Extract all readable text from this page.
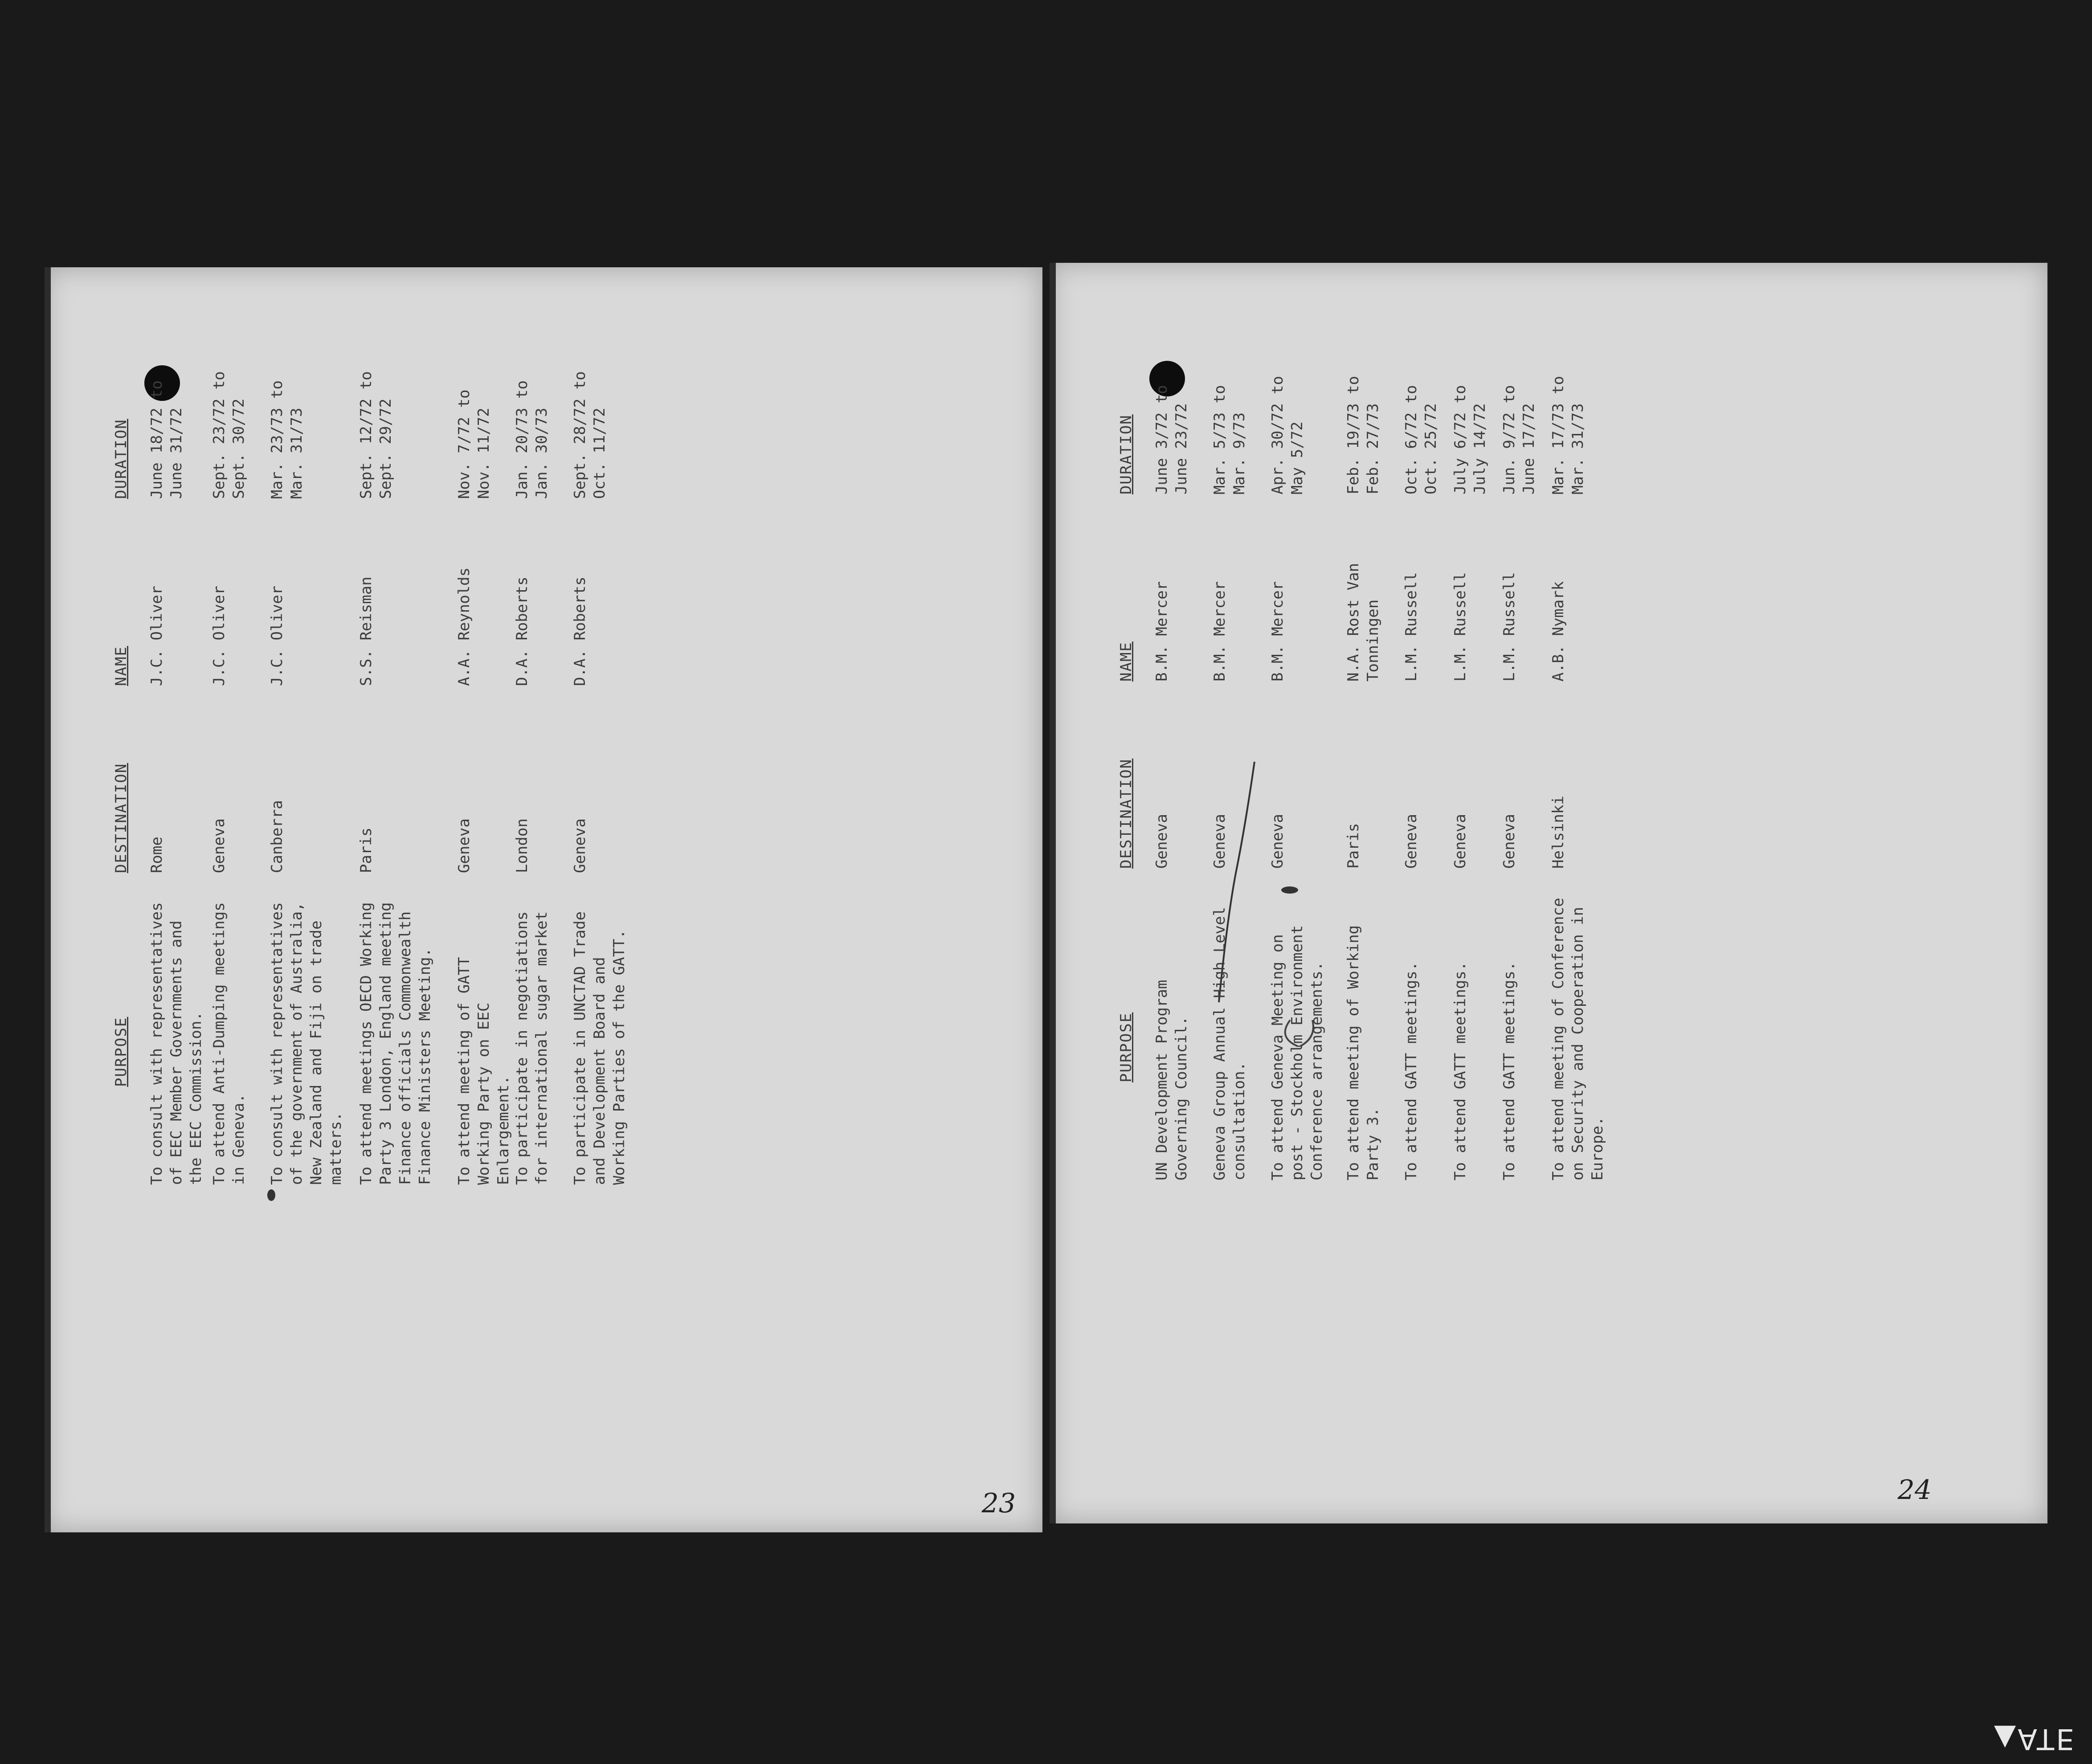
PURPOSE
DESTINATION
NAME
DURATION
To consult with representatives of EEC Member Governments and the EEC Commission.
Rome
J.C. Oliver
June 18/72 to
June 31/72
To attend Anti-Dumping meetings in Geneva.
Geneva
J.C. Oliver
Sept. 23/72 to
Sept. 30/72
To consult with representatives of the government of Australia, New Zealand and Fiji on trade matters.
Canberra
J.C. Oliver
Mar. 23/73 to
Mar. 31/73
To attend meetings OECD Working Party 3 London, England meeting Finance officials Commonwealth Finance Ministers Meeting.
Paris
S.S. Reisman
Sept. 12/72 to
Sept. 29/72
To attend meeting of GATT Working Party on EEC Enlargement.
Geneva
A.A. Reynolds
Nov. 7/72 to
Nov. 11/72
To participate in negotiations for international sugar market
London
D.A. Roberts
Jan. 20/73 to
Jan. 30/73
To participate in UNCTAD Trade and Development Board and Working Parties of the GATT.
Geneva
D.A. Roberts
Sept. 28/72 to
Oct. 11/72
23
PURPOSE
DESTINATION
NAME
DURATION
UN Development Program Governing Council.
Geneva
B.M. Mercer
June 3/72 to
June 23/72
Geneva Group Annual High Level consultation.
Geneva
B.M. Mercer
Mar. 5/73 to
Mar. 9/73
To attend Geneva Meeting on post - Stockholm Environment Conference arrangements.
Geneva
B.M. Mercer
Apr. 30/72 to
May 5/72
To attend meeting of Working Party 3.
Paris
N.A. Rost Van
Tonningen
Feb. 19/73 to
Feb. 27/73
To attend GATT meetings.
Geneva
L.M. Russell
Oct. 6/72 to
Oct. 25/72
To attend GATT meetings.
Geneva
L.M. Russell
July 6/72 to
July 14/72
To attend GATT meetings.
Geneva
L.M. Russell
Jun. 9/72 to
June 17/72
To attend meeting of Conference on Security and Cooperation in Europe.
Helsinki
A.B. Nymark
Mar. 17/73 to
Mar. 31/73
24
ƎTA▲
